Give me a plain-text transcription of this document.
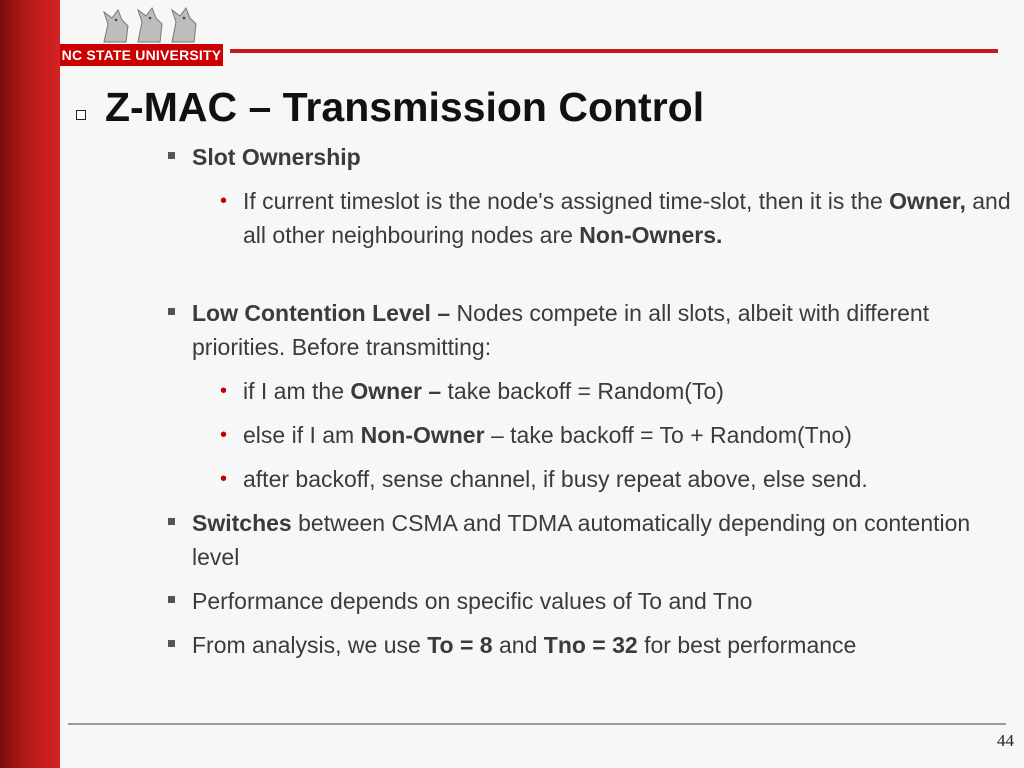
NC STATE UNIVERSITY
Z-MAC – Transmission Control
Slot Ownership
• If current timeslot is the node's assigned time-slot, then it is the Owner, and all other neighbouring nodes are Non-Owners.
Low Contention Level – Nodes compete in all slots, albeit with different priorities. Before transmitting:
• if I am the Owner – take backoff = Random(To)
• else if I am Non-Owner – take backoff = To + Random(Tno)
• after backoff, sense channel, if busy repeat above, else send.
Switches between CSMA and TDMA automatically depending on contention level
Performance depends on specific values of To and Tno
From analysis, we use To = 8 and Tno = 32 for best performance
44
